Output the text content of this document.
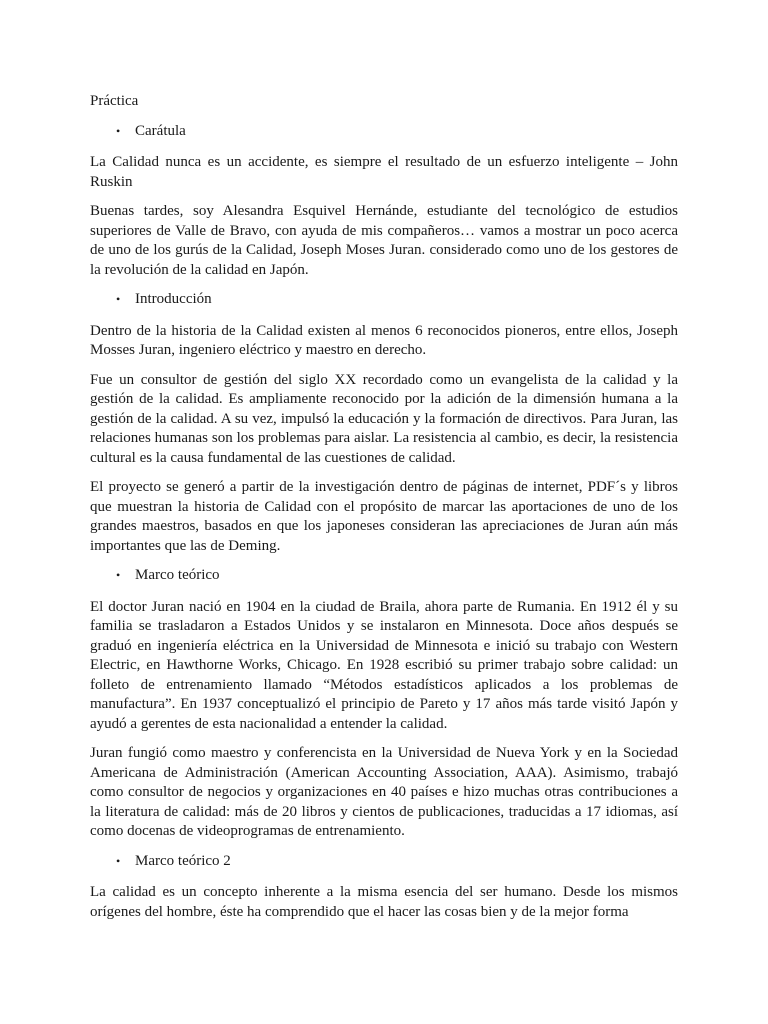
Práctica

• Carátula

La Calidad nunca es un accidente, es siempre el resultado de un esfuerzo inteligente – John Ruskin

Buenas tardes, soy Alesandra Esquivel Hernánde, estudiante del tecnológico de estudios superiores de Valle de Bravo, con ayuda de mis compañeros… vamos a mostrar un poco acerca de uno de los gurús de la Calidad, Joseph Moses Juran. considerado como uno de los gestores de la revolución de la calidad en Japón.

• Introducción

Dentro de la historia de la Calidad existen al menos 6 reconocidos pioneros, entre ellos, Joseph Mosses Juran, ingeniero eléctrico y maestro en derecho.

Fue un consultor de gestión del siglo XX recordado como un evangelista de la calidad y la gestión de la calidad. Es ampliamente reconocido por la adición de la dimensión humana a la gestión de la calidad. A su vez, impulsó la educación y la formación de directivos. Para Juran, las relaciones humanas son los problemas para aislar. La resistencia al cambio, es decir, la resistencia cultural es la causa fundamental de las cuestiones de calidad.

El proyecto se generó a partir de la investigación dentro de páginas de internet, PDF´s y libros que muestran la historia de Calidad con el propósito de marcar las aportaciones de uno de los grandes maestros, basados en que los japoneses consideran las apreciaciones de Juran aún más importantes que las de Deming.

• Marco teórico

El doctor Juran nació en 1904 en la ciudad de Braila, ahora parte de Rumania. En 1912 él y su familia se trasladaron a Estados Unidos y se instalaron en Minnesota. Doce años después se graduó en ingeniería eléctrica en la Universidad de Minnesota e inició su trabajo con Western Electric, en Hawthorne Works, Chicago. En 1928 escribió su primer trabajo sobre calidad: un folleto de entrenamiento llamado “Métodos estadísticos aplicados a los problemas de manufactura”. En 1937 conceptualizó el principio de Pareto y 17 años más tarde visitó Japón y ayudó a gerentes de esta nacionalidad a entender la calidad.

Juran fungió como maestro y conferencista en la Universidad de Nueva York y en la Sociedad Americana de Administración (American Accounting Association, AAA). Asimismo, trabajó como consultor de negocios y organizaciones en 40 países e hizo muchas otras contribuciones a la literatura de calidad: más de 20 libros y cientos de publicaciones, traducidas a 17 idiomas, así como docenas de videoprogramas de entrenamiento.

• Marco teórico 2

La calidad es un concepto inherente a la misma esencia del ser humano. Desde los mismos orígenes del hombre, éste ha comprendido que el hacer las cosas bien y de la mejor forma
